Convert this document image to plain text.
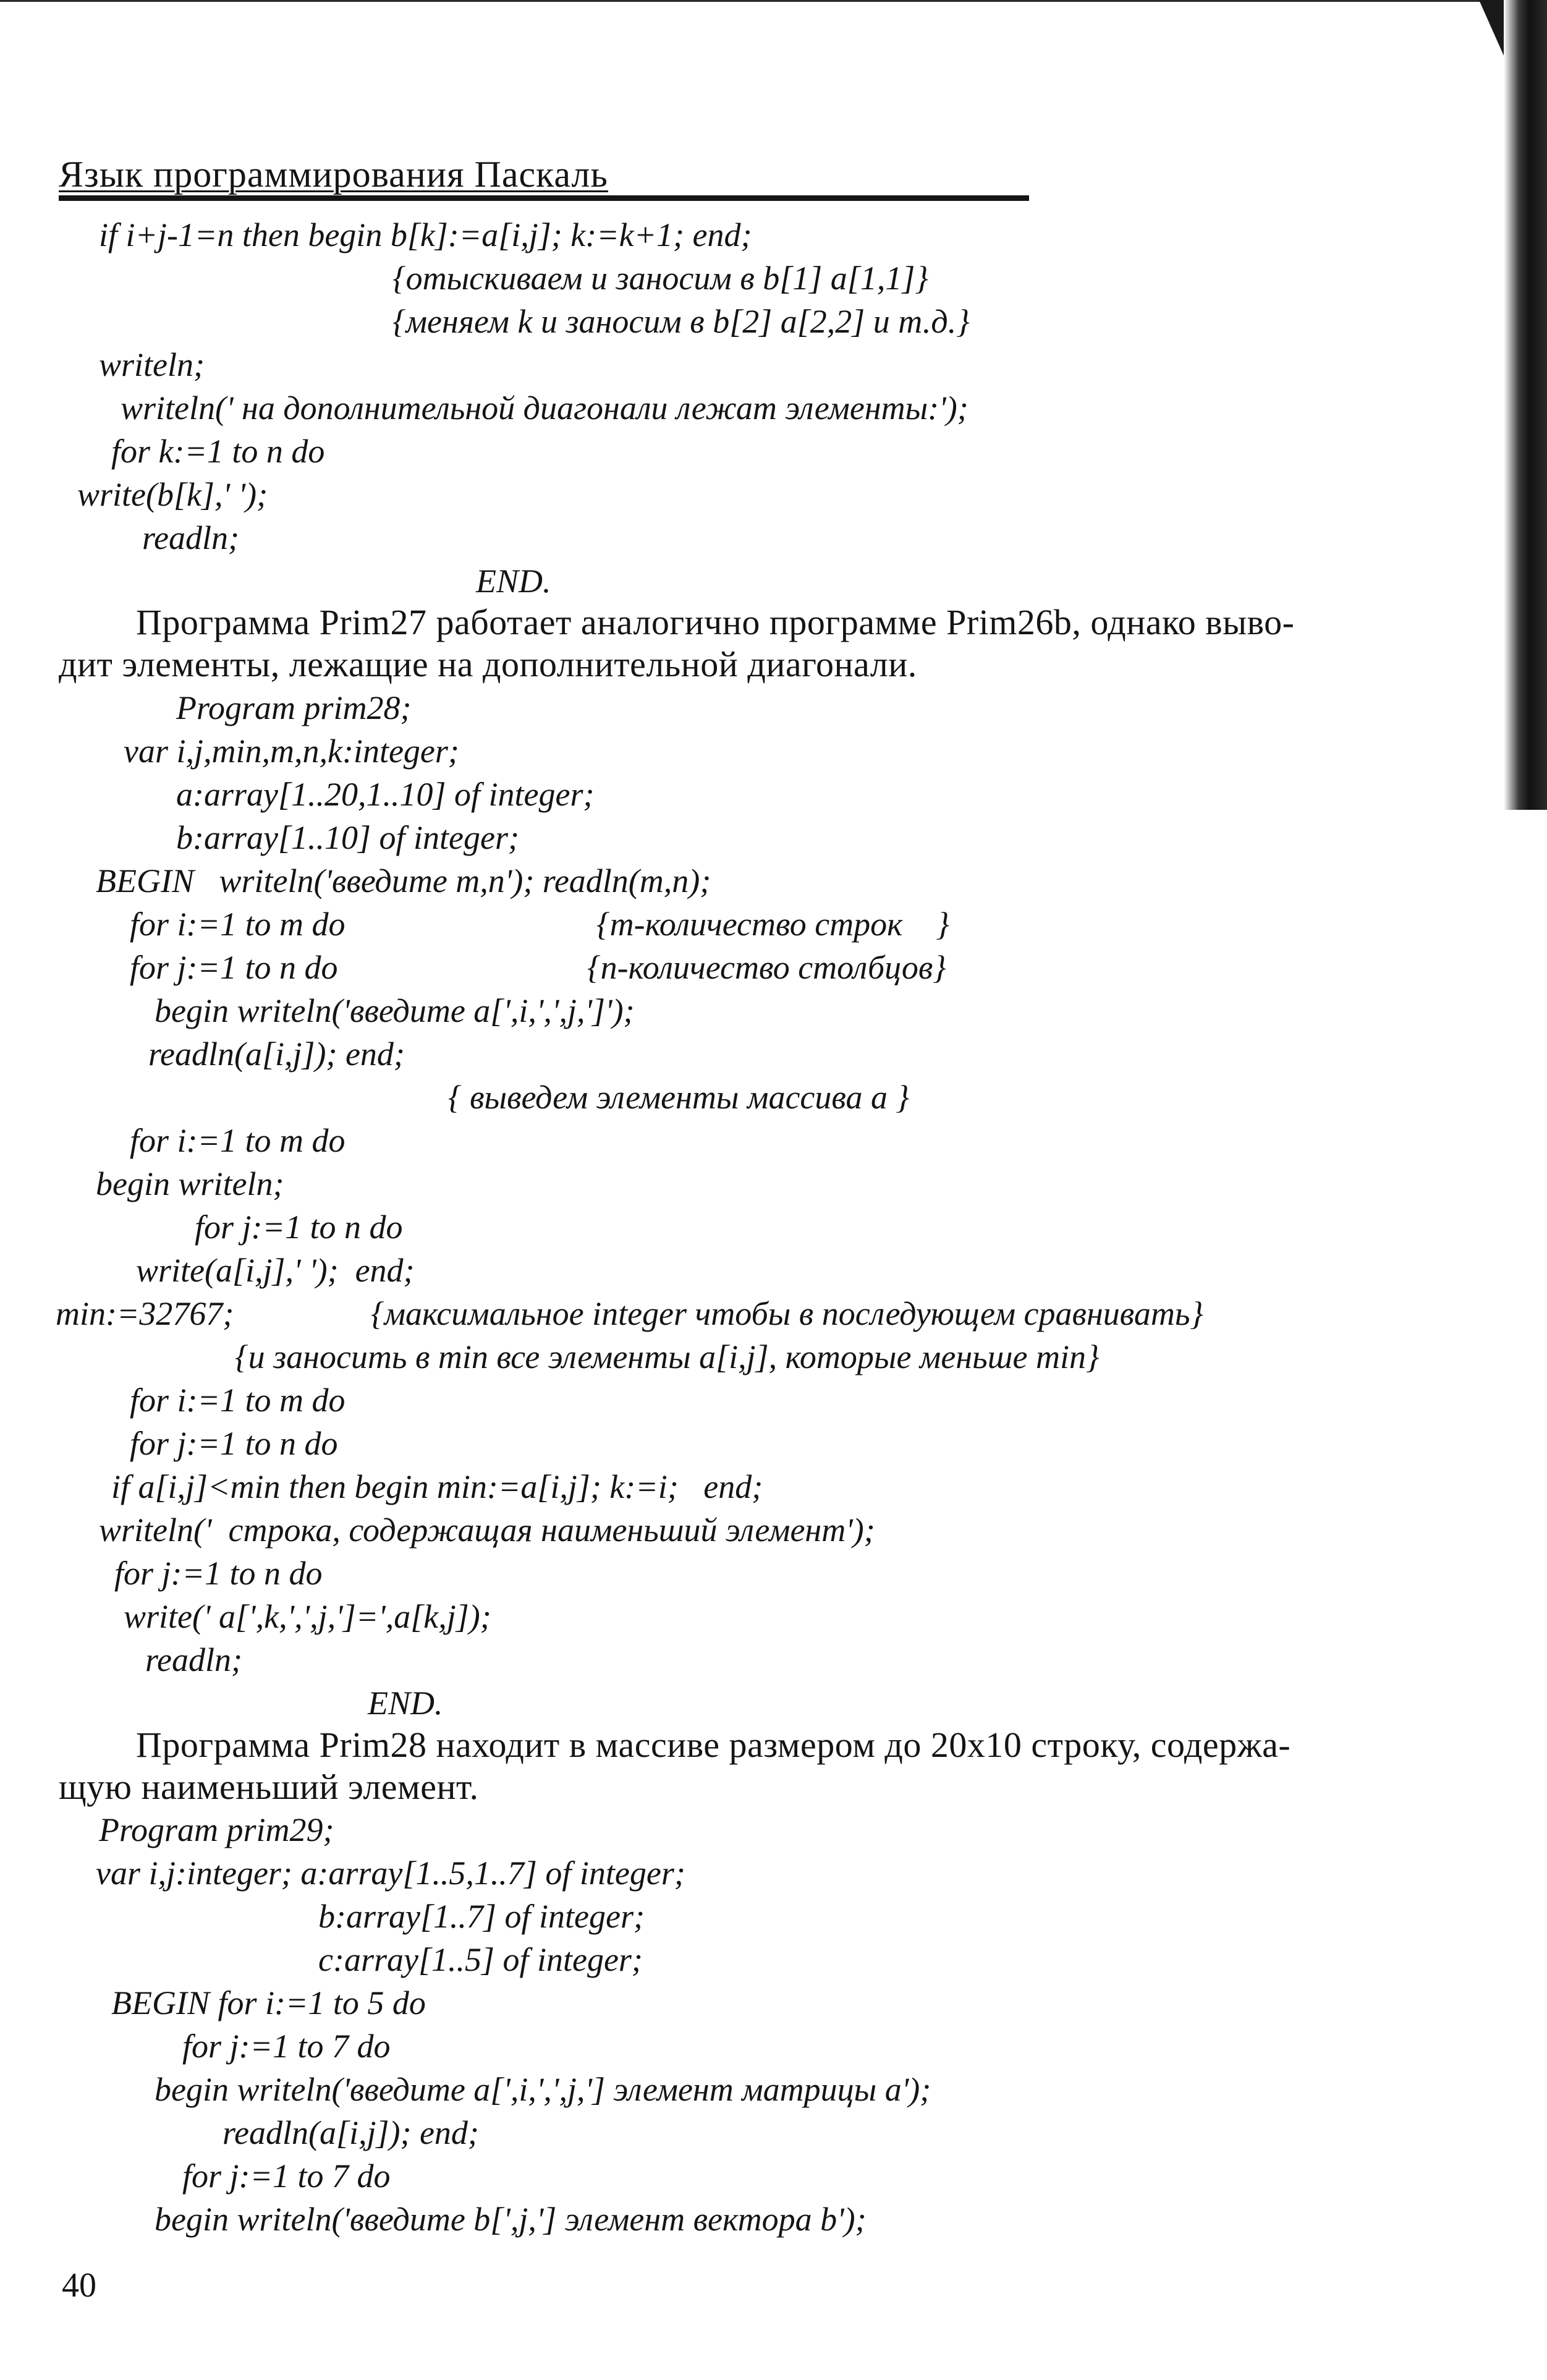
Язык программирования Паскаль
if i+j-1=n then begin b[k]:=a[i,j]; k:=k+1; end;
{отыскиваем и заносим в b[1] a[1,1]}
{меняем k и заносим в b[2] a[2,2] и т.д.}
writeln;
writeln(' на дополнительной диагонали лежат элементы:');
for k:=1 to n do
write(b[k],' ');
readln;
END.
Программа Prim27 работает аналогично программе Prim26b, однако выво-
дит элементы, лежащие на дополнительной диагонали.
Program prim28;
var i,j,min,m,n,k:integer;
a:array[1..20,1..10] of integer;
b:array[1..10] of integer;
BEGIN   writeln('введите m,n'); readln(m,n);
for i:=1 to m do	{m-количество строк    }
for j:=1 to n do	{n-количество столбцов}
begin writeln('введите a[',i,',',j,']');
readln(a[i,j]); end;
{ выведем элементы массива a }
for i:=1 to m do
begin writeln;
for j:=1 to n do
write(a[i,j],' ');  end;
min:=32767;	{максимальное integer чтобы в последующем сравнивать}
{и заносить в min все элементы a[i,j], которые меньше min}
for i:=1 to m do
for j:=1 to n do
if a[i,j]<min then begin min:=a[i,j]; k:=i;   end;
writeln('  строка, содержащая наименьший элемент');
for j:=1 to n do
write(' a[',k,',',j,']=',a[k,j]);
readln;
END.
Программа Prim28 находит в массиве размером до 20x10 строку, содержа-
щую наименьший элемент.
Program prim29;
var i,j:integer; a:array[1..5,1..7] of integer;
b:array[1..7] of integer;
c:array[1..5] of integer;
BEGIN for i:=1 to 5 do
for j:=1 to 7 do
begin writeln('введите a[',i,',',j,'] элемент матрицы a');
readln(a[i,j]); end;
for j:=1 to 7 do
begin writeln('введите b[',j,'] элемент вектора b');
40
